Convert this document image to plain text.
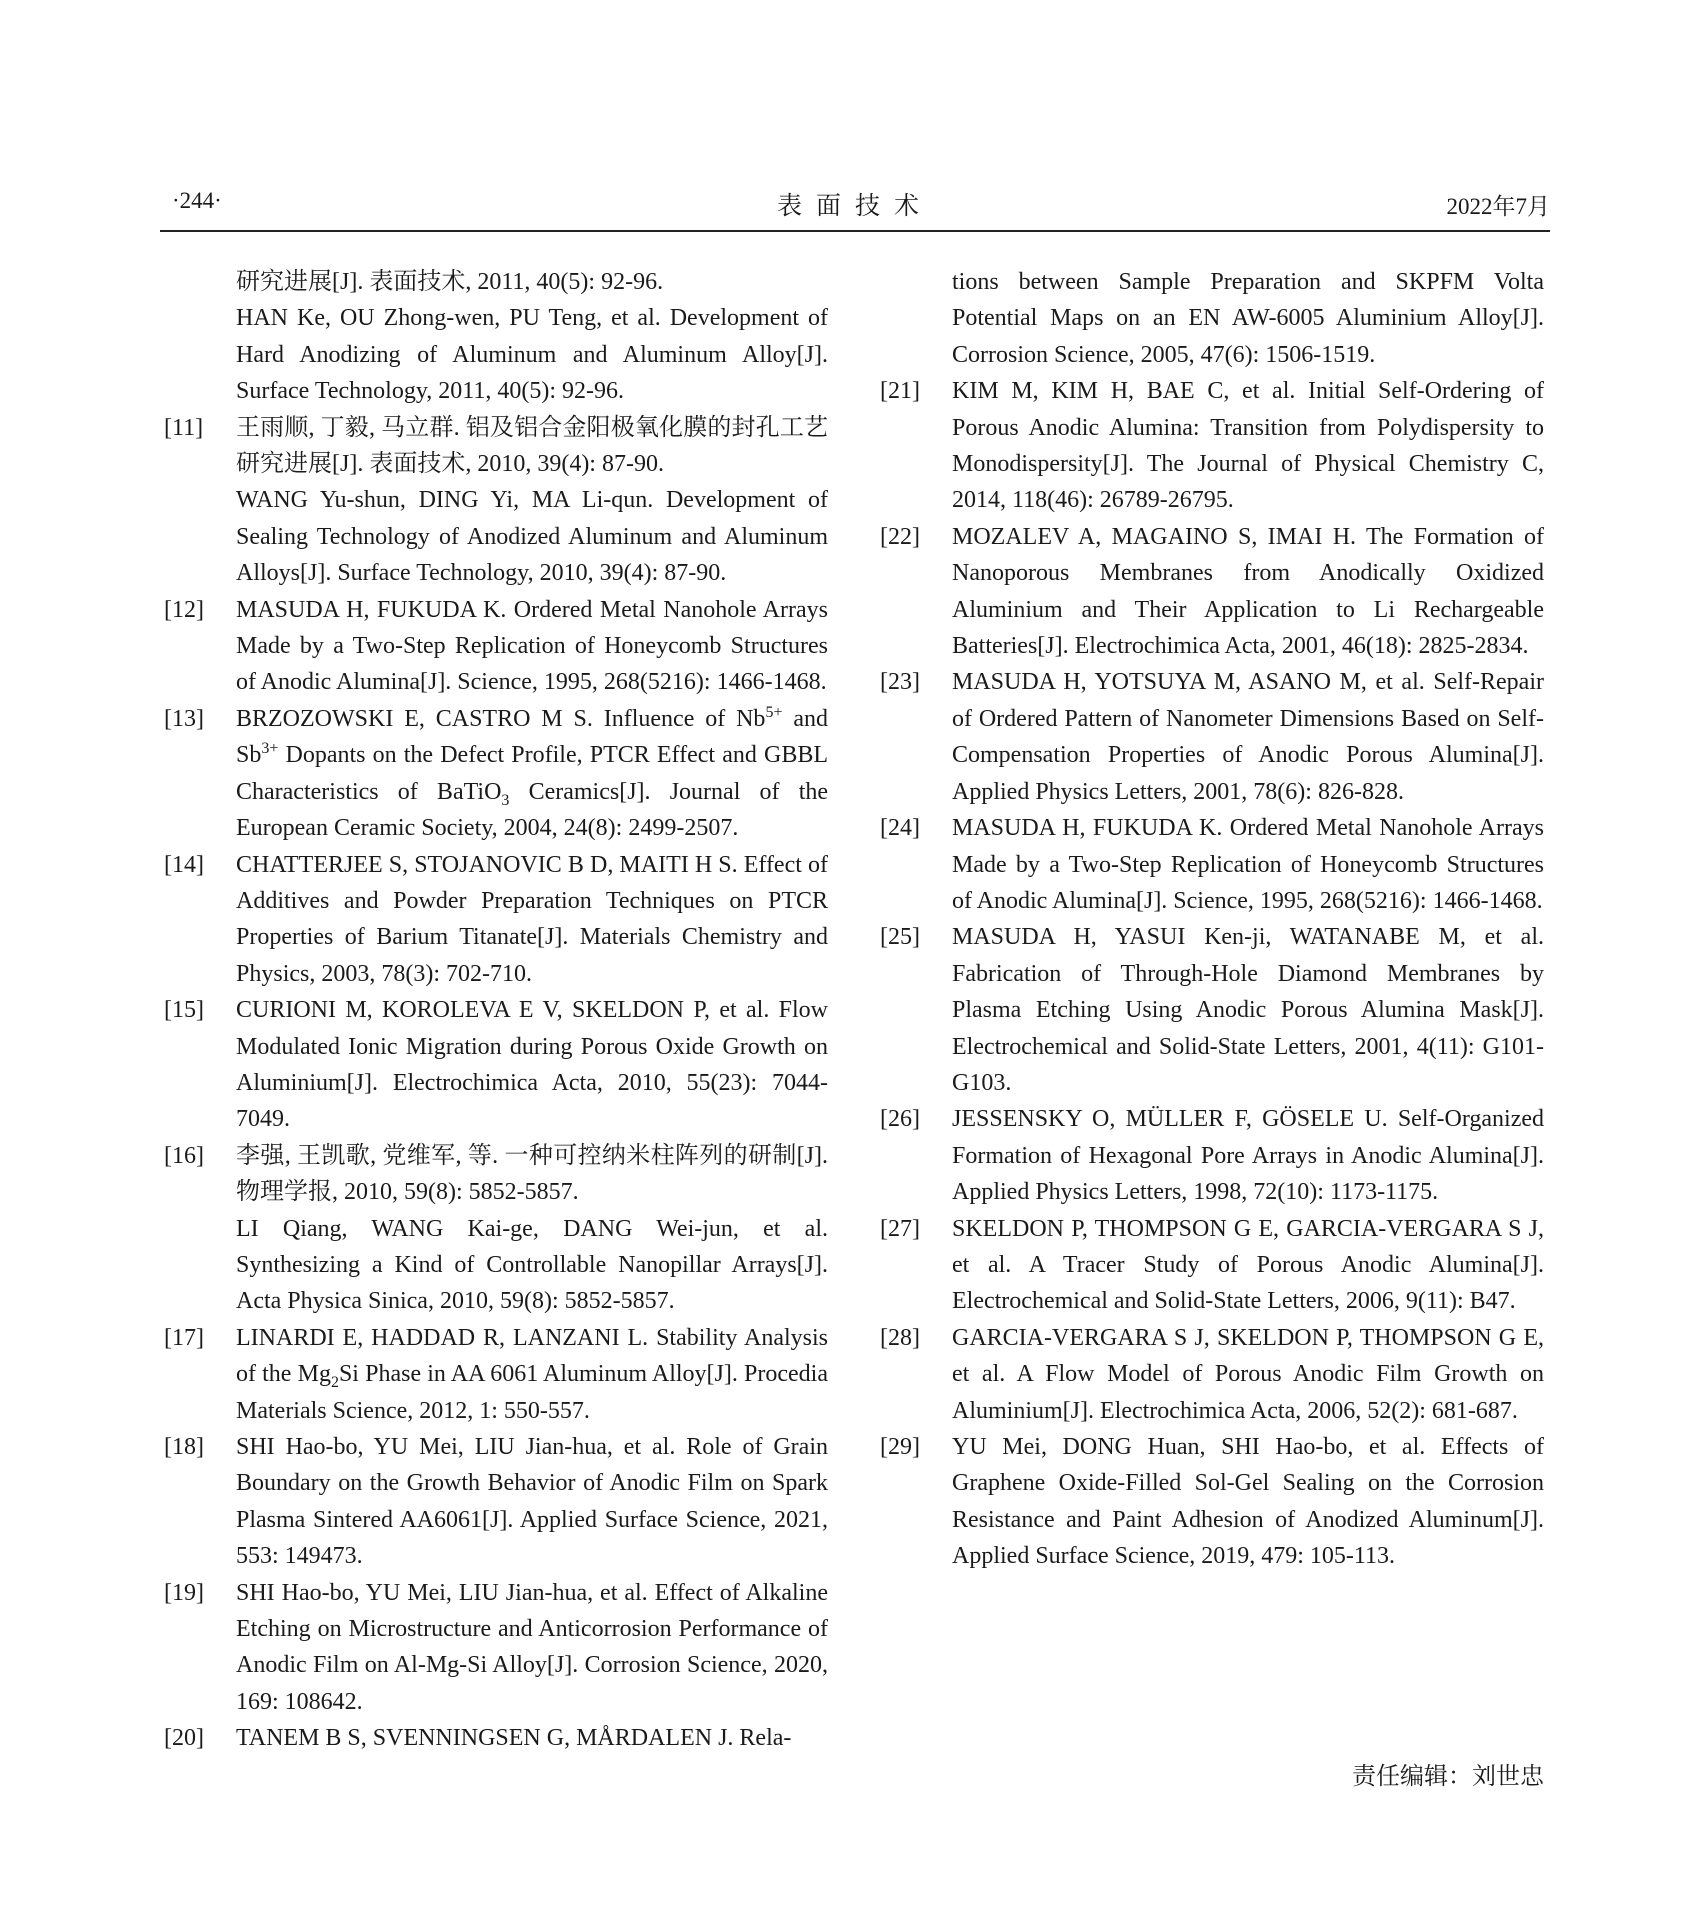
·244·	表面技术	2022年7月

研究进展[J]. 表面技术, 2011, 40(5): 92-96.

HAN Ke, OU Zhong-wen, PU Teng, et al. Development of Hard Anodizing of Aluminum and Aluminum Alloy[J]. Surface Technology, 2011, 40(5): 92-96.

[11]	王雨顺, 丁毅, 马立群. 铝及铝合金阳极氧化膜的封孔工艺研究进展[J]. 表面技术, 2010, 39(4): 87-90.

WANG Yu-shun, DING Yi, MA Li-qun. Development of Sealing Technology of Anodized Aluminum and Aluminum Alloys[J]. Surface Technology, 2010, 39(4): 87-90.

[12]	MASUDA H, FUKUDA K. Ordered Metal Nanohole Arrays Made by a Two-Step Replication of Honeycomb Structures of Anodic Alumina[J]. Science, 1995, 268(5216): 1466-1468.

[13]	BRZOZOWSKI E, CASTRO M S. Influence of $Nb^{5+}$ and $Sb^{3+}$ Dopants on the Defect Profile, PTCR Effect and GBBL Characteristics of BaTiO$_3$ Ceramics[J]. Journal of the European Ceramic Society, 2004, 24(8): 2499-2507.

[14]	CHATTERJEE S, STOJANOVIC B D, MAITI H S. Effect of Additives and Powder Preparation Techniques on PTCR Properties of Barium Titanate[J]. Materials Chemistry and Physics, 2003, 78(3): 702-710.

[15]	CURIONI M, KOROLEVA E V, SKELDON P, et al. Flow Modulated Ionic Migration during Porous Oxide Growth on Aluminium[J]. Electrochimica Acta, 2010, 55(23): 7044-7049.

[16]	李强, 王凯歌, 党维军, 等. 一种可控纳米柱阵列的研制[J]. 物理学报, 2010, 59(8): 5852-5857.

LI Qiang, WANG Kai-ge, DANG Wei-jun, et al. Synthesizing a Kind of Controllable Nanopillar Arrays[J]. Acta Physica Sinica, 2010, 59(8): 5852-5857.

[17]	LINARDI E, HADDAD R, LANZANI L. Stability Analysis of the $Mg_2Si$ Phase in AA 6061 Aluminum Alloy[J]. Procedia Materials Science, 2012, 1: 550-557.

[18]	SHI Hao-bo, YU Mei, LIU Jian-hua, et al. Role of Grain Boundary on the Growth Behavior of Anodic Film on Spark Plasma Sintered AA6061[J]. Applied Surface Science, 2021, 553: 149473.

[19]	SHI Hao-bo, YU Mei, LIU Jian-hua, et al. Effect of Alkaline Etching on Microstructure and Anticorrosion Performance of Anodic Film on Al-Mg-Si Alloy[J]. Corrosion Science, 2020, 169: 108642.

[20]	TANEM B S, SVENNINGSEN G, MÅRDALEN J. Rela-

tions between Sample Preparation and SKPFM Volta Potential Maps on an EN AW-6005 Aluminium Alloy[J]. Corrosion Science, 2005, 47(6): 1506-1519.

[21]	KIM M, KIM H, BAE C, et al. Initial Self-Ordering of Porous Anodic Alumina: Transition from Polydispersity to Monodispersity[J]. The Journal of Physical Chemistry C, 2014, 118(46): 26789-26795.

[22]	MOZALEV A, MAGAINO S, IMAI H. The Formation of Nanoporous Membranes from Anodically Oxidized Aluminium and Their Application to Li Rechargeable Batteries[J]. Electrochimica Acta, 2001, 46(18): 2825-2834.

[23]	MASUDA H, YOTSUYA M, ASANO M, et al. Self-Repair of Ordered Pattern of Nanometer Dimensions Based on Self-Compensation Properties of Anodic Porous Alumina[J]. Applied Physics Letters, 2001, 78(6): 826-828.

[24]	MASUDA H, FUKUDA K. Ordered Metal Nanohole Arrays Made by a Two-Step Replication of Honeycomb Structures of Anodic Alumina[J]. Science, 1995, 268(5216): 1466-1468.

[25]	MASUDA H, YASUI Ken-ji, WATANABE M, et al. Fabrication of Through-Hole Diamond Membranes by Plasma Etching Using Anodic Porous Alumina Mask[J]. Electrochemical and Solid-State Letters, 2001, 4(11): G101-G103.

[26]	JESSENSKY O, MÜLLER F, GÖSELE U. Self-Organized Formation of Hexagonal Pore Arrays in Anodic Alumina[J]. Applied Physics Letters, 1998, 72(10): 1173-1175.

[27]	SKELDON P, THOMPSON G E, GARCIA-VERGARA S J, et al. A Tracer Study of Porous Anodic Alumina[J]. Electrochemical and Solid-State Letters, 2006, 9(11): B47.

[28]	GARCIA-VERGARA S J, SKELDON P, THOMPSON G E, et al. A Flow Model of Porous Anodic Film Growth on Aluminium[J]. Electrochimica Acta, 2006, 52(2): 681-687.

[29]	YU Mei, DONG Huan, SHI Hao-bo, et al. Effects of Graphene Oxide-Filled Sol-Gel Sealing on the Corrosion Resistance and Paint Adhesion of Anodized Aluminum[J]. Applied Surface Science, 2019, 479: 105-113.

责任编辑：刘世忠
